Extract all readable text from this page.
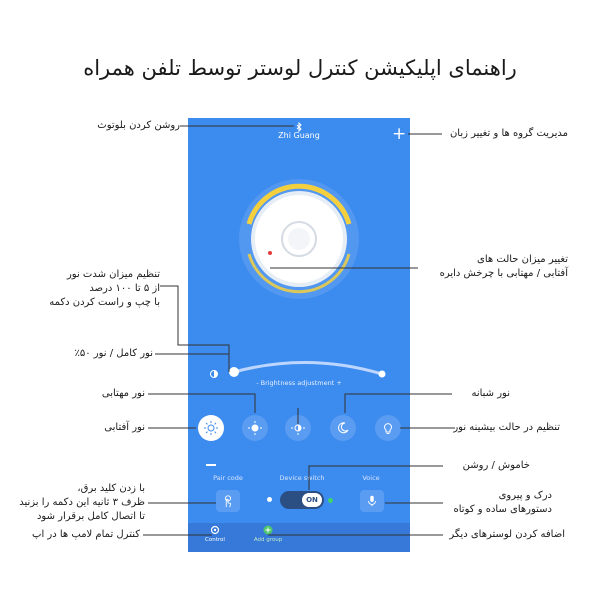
راهنمای اپلیکیشن کنترل لوستر توسط تلفن همراه
Zhi Guang	+
- Brightness adjustment +
Pair code	Device switch	Voice
ON
Control	Add group
روشن کردن بلوتوث
مدیریت گروه ها و تغییر زبان
تنظیم میزان شدت نور
از ۵ تا ۱۰۰ درصد
با چپ و راست کردن دکمه
تغییر میزان حالت های
آفتابی / مهتابی با چرخش دایره
نور کامل / نور ۵۰٪
نور مهتابی
نور آفتابی
نور شبانه
تنظیم در حالت بیشینه نور
خاموش / روشن
با زدن کلید برق،
ظرف ۳ ثانیه این دکمه را بزنید
تا اتصال کامل برقرار شود
درک و پیروی
دستورهای ساده و کوتاه
کنترل تمام لامپ ها در اپ	اضافه کردن لوسترهای دیگر
